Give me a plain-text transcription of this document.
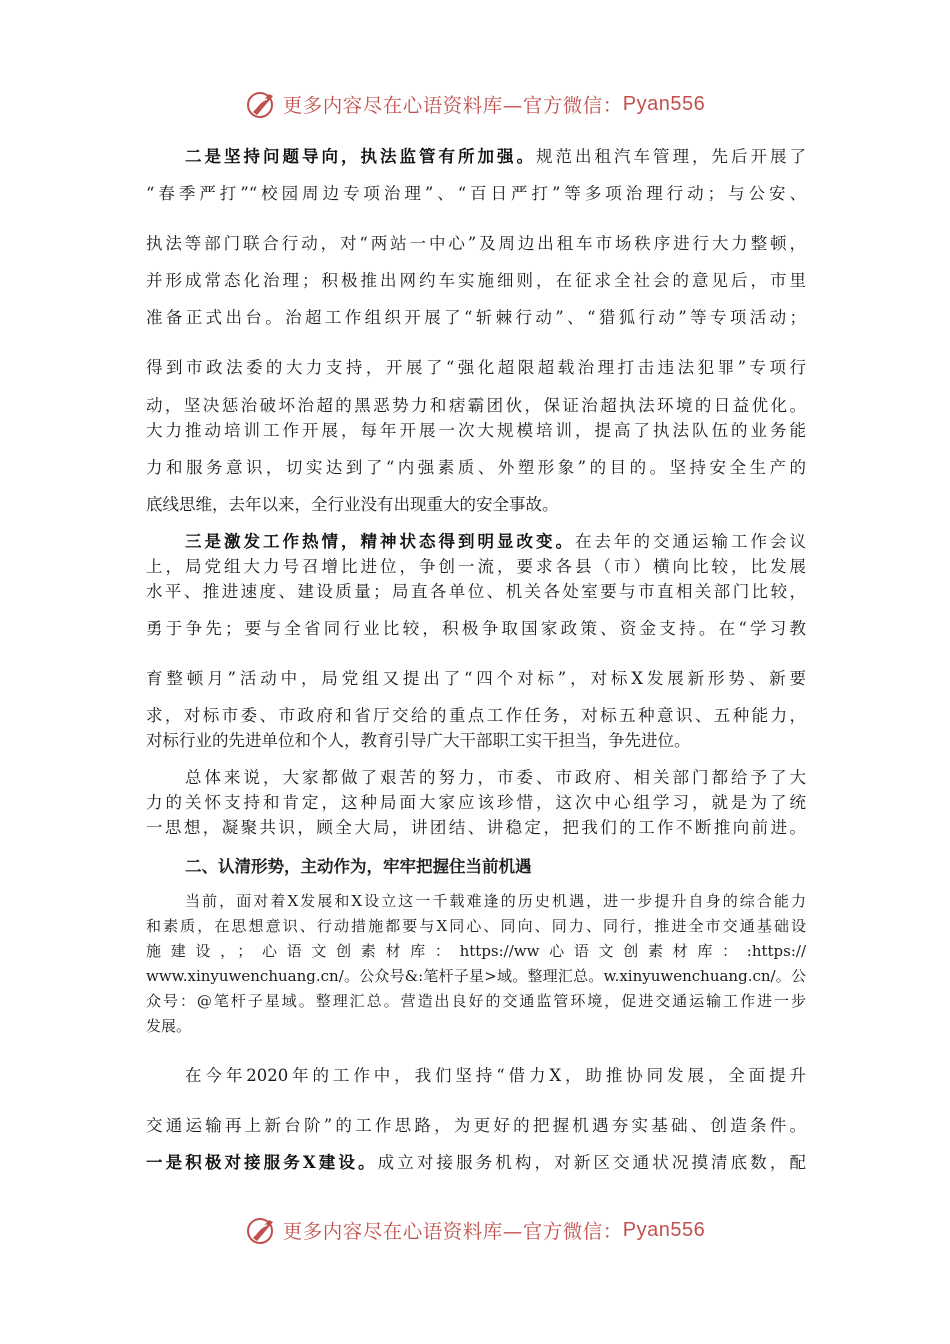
更多内容尽在心语资料库—官方微信： Pyan556
二是坚持问题导向，执法监管有所加强。规范出租汽车管理，先后开展了
“春季严打”“校园周边专项治理”、“百日严打”等多项治理行动；与公安、
执法等部门联合行动，对“两站一中心”及周边出租车市场秩序进行大力整顿，
并形成常态化治理；积极推出网约车实施细则，在征求全社会的意见后，市里
准备正式出台。治超工作组织开展了“斩棘行动”、“猎狐行动”等专项活动；
得到市政法委的大力支持，开展了“强化超限超载治理打击违法犯罪”专项行
动，坚决惩治破坏治超的黑恶势力和痞霸团伙，保证治超执法环境的日益优化。
大力推动培训工作开展，每年开展一次大规模培训，提高了执法队伍的业务能
力和服务意识，切实达到了“内强素质、外塑形象”的目的。坚持安全生产的
底线思维，去年以来，全行业没有出现重大的安全事故。
三是激发工作热情，精神状态得到明显改变。在去年的交通运输工作会议
上，局党组大力号召增比进位，争创一流，要求各县（市）横向比较，比发展
水平、推进速度、建设质量；局直各单位、机关各处室要与市直相关部门比较，
勇于争先；要与全省同行业比较，积极争取国家政策、资金支持。在“学习教
育整顿月”活动中，局党组又提出了“四个对标”，对标X发展新形势、新要
求，对标市委、市政府和省厅交给的重点工作任务，对标五种意识、五种能力，
对标行业的先进单位和个人，教育引导广大干部职工实干担当，争先进位。
总体来说，大家都做了艰苦的努力，市委、市政府、相关部门都给予了大
力的关怀支持和肯定，这种局面大家应该珍惜，这次中心组学习，就是为了统
一思想，凝聚共识，顾全大局，讲团结、讲稳定，把我们的工作不断推向前进。
二、认清形势，主动作为，牢牢把握住当前机遇
当前，面对着X发展和X设立这一千载难逢的历史机遇，进一步提升自身的综合能力
和素质，在思想意识、行动措施都要与X同心、同向、同力、同行，推进全市交通基础设
施建设，；心语文创素材库：https://ww心语文创素材库：:https://
www.xinyuwenchuang.cn/。公众号&:笔杆子星>域。整理汇总。w.xinyuwenchuang.cn/。公
众号：@笔杆子星域。整理汇总。营造出良好的交通监管环境，促进交通运输工作进一步
发展。
在今年2020年的工作中，我们坚持“借力X，助推协同发展，全面提升
交通运输再上新台阶”的工作思路，为更好的把握机遇夯实基础、创造条件。
一是积极对接服务X建设。成立对接服务机构，对新区交通状况摸清底数，配
更多内容尽在心语资料库—官方微信： Pyan556
